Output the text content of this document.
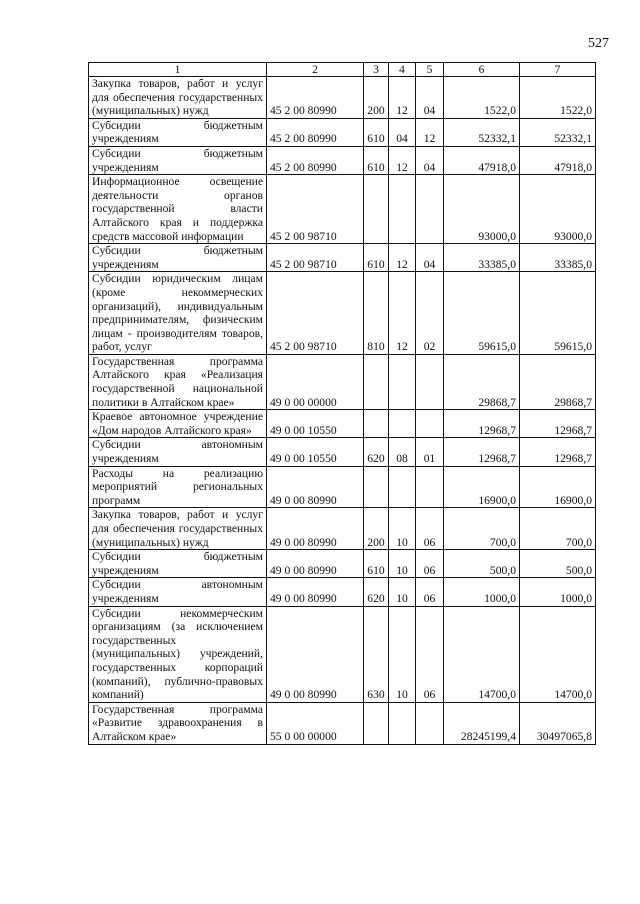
527
1	2	3	4	5	6	7
Закупка товаров, работ и услуг для обеспечения государственных (муниципальных) нужд	45 2 00 80990	200	12	04	1522,0	1522,0
Субсидии бюджетным учреждениям	45 2 00 80990	610	04	12	52332,1	52332,1
Субсидии бюджетным учреждениям	45 2 00 80990	610	12	04	47918,0	47918,0
Информационное освещение деятельности органов государственной власти Алтайского края и поддержка средств массовой информации	45 2 00 98710				93000,0	93000,0
Субсидии бюджетным учреждениям	45 2 00 98710	610	12	04	33385,0	33385,0
Субсидии юридическим лицам (кроме некоммерческих организаций), индивидуальным предпринимателям, физическим лицам - производителям товаров, работ, услуг	45 2 00 98710	810	12	02	59615,0	59615,0
Государственная программа Алтайского края «Реализация государственной национальной политики в Алтайском крае»	49 0 00 00000				29868,7	29868,7
Краевое автономное учреждение «Дом народов Алтайского края»	49 0 00 10550				12968,7	12968,7
Субсидии автономным учреждениям	49 0 00 10550	620	08	01	12968,7	12968,7
Расходы на реализацию мероприятий региональных программ	49 0 00 80990				16900,0	16900,0
Закупка товаров, работ и услуг для обеспечения государственных (муниципальных) нужд	49 0 00 80990	200	10	06	700,0	700,0
Субсидии бюджетным учреждениям	49 0 00 80990	610	10	06	500,0	500,0
Субсидии автономным учреждениям	49 0 00 80990	620	10	06	1000,0	1000,0
Субсидии некоммерческим организациям (за исключением государственных (муниципальных) учреждений, государственных корпораций (компаний), публично-правовых компаний)	49 0 00 80990	630	10	06	14700,0	14700,0
Государственная программа «Развитие здравоохранения в Алтайском крае»	55 0 00 00000				28245199,4	30497065,8
